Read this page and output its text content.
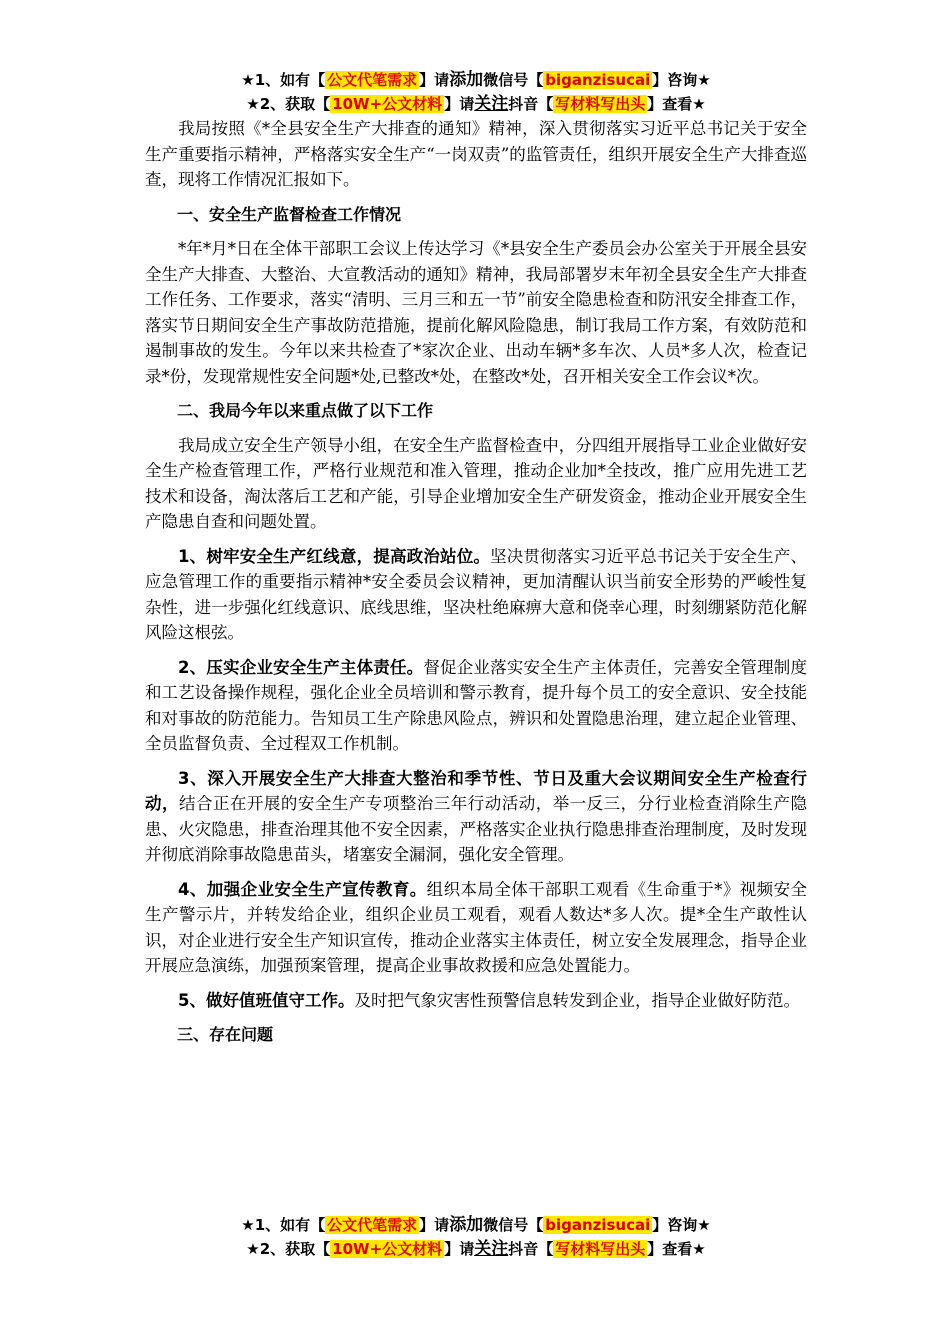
★1、如有【 公文代笔需求 】请添加微信号【 biganzisucai 】咨询★
★2、获取【 10W+公文材料 】请关注抖音【 写材料写出头 】查看★

我局按照《*全县安全生产大排查的通知》精神，深入贯彻落实习近平总书记关于安全生产重要指示精神，严格落实安全生产“一岗双责”的监管责任，组织开展安全生产大排查巡查，现将工作情况汇报如下。

一、安全生产监督检查工作情况

*年*月*日在全体干部职工会议上传达学习《*县安全生产委员会办公室关于开展全县安全生产大排查、大整治、大宣教活动的通知》精神，我局部署岁末年初全县安全生产大排查工作任务、工作要求，落实“清明、三月三和五一节”前安全隐患检查和防汛安全排查工作，落实节日期间安全生产事故防范措施，提前化解风险隐患，制订我局工作方案，有效防范和遏制事故的发生。今年以来共检查了*家次企业、出动车辆*多车次、人员*多人次，检查记录*份，发现常规性安全问题*处,已整改*处，在整改*处，召开相关安全工作会议*次。

二、我局今年以来重点做了以下工作

我局成立安全生产领导小组，在安全生产监督检查中，分四组开展指导工业企业做好安全生产检查管理工作，严格行业规范和准入管理，推动企业加*全技改，推广应用先进工艺技术和设备，淘汰落后工艺和产能，引导企业增加安全生产研发资金，推动企业开展安全生产隐患自查和问题处置。

1、树牢安全生产红线意，提高政治站位。坚决贯彻落实习近平总书记关于安全生产、应急管理工作的重要指示精神*安全委员会议精神，更加清醒认识当前安全形势的严峻性复杂性，进一步强化红线意识、底线思维，坚决杜绝麻痹大意和侥幸心理，时刻绷紧防范化解风险这根弦。

2、压实企业安全生产主体责任。督促企业落实安全生产主体责任，完善安全管理制度和工艺设备操作规程，强化企业全员培训和警示教育，提升每个员工的安全意识、安全技能和对事故的防范能力。告知员工生产除患风险点，辨识和处置隐患治理，建立起企业管理、全员监督负责、全过程双工作机制。

3、深入开展安全生产大排查大整治和季节性、节日及重大会议期间安全生产检查行动，结合正在开展的安全生产专项整治三年行动活动，举一反三，分行业检查消除生产隐患、火灾隐患，排查治理其他不安全因素，严格落实企业执行隐患排查治理制度，及时发现并彻底消除事故隐患苗头，堵塞安全漏洞，强化安全管理。

4、加强企业安全生产宣传教育。组织本局全体干部职工观看《生命重于*》视频安全生产警示片，并转发给企业，组织企业员工观看，观看人数达*多人次。提*全生产敢性认识，对企业进行安全生产知识宣传，推动企业落实主体责任，树立安全发展理念，指导企业开展应急演练，加强预案管理，提高企业事故救援和应急处置能力。

5、做好值班值守工作。及时把气象灾害性预警信息转发到企业，指导企业做好防范。

三、存在问题

★1、如有【 公文代笔需求 】请添加微信号【 biganzisucai 】咨询★
★2、获取【 10W+公文材料 】请关注抖音【 写材料写出头 】查看★
